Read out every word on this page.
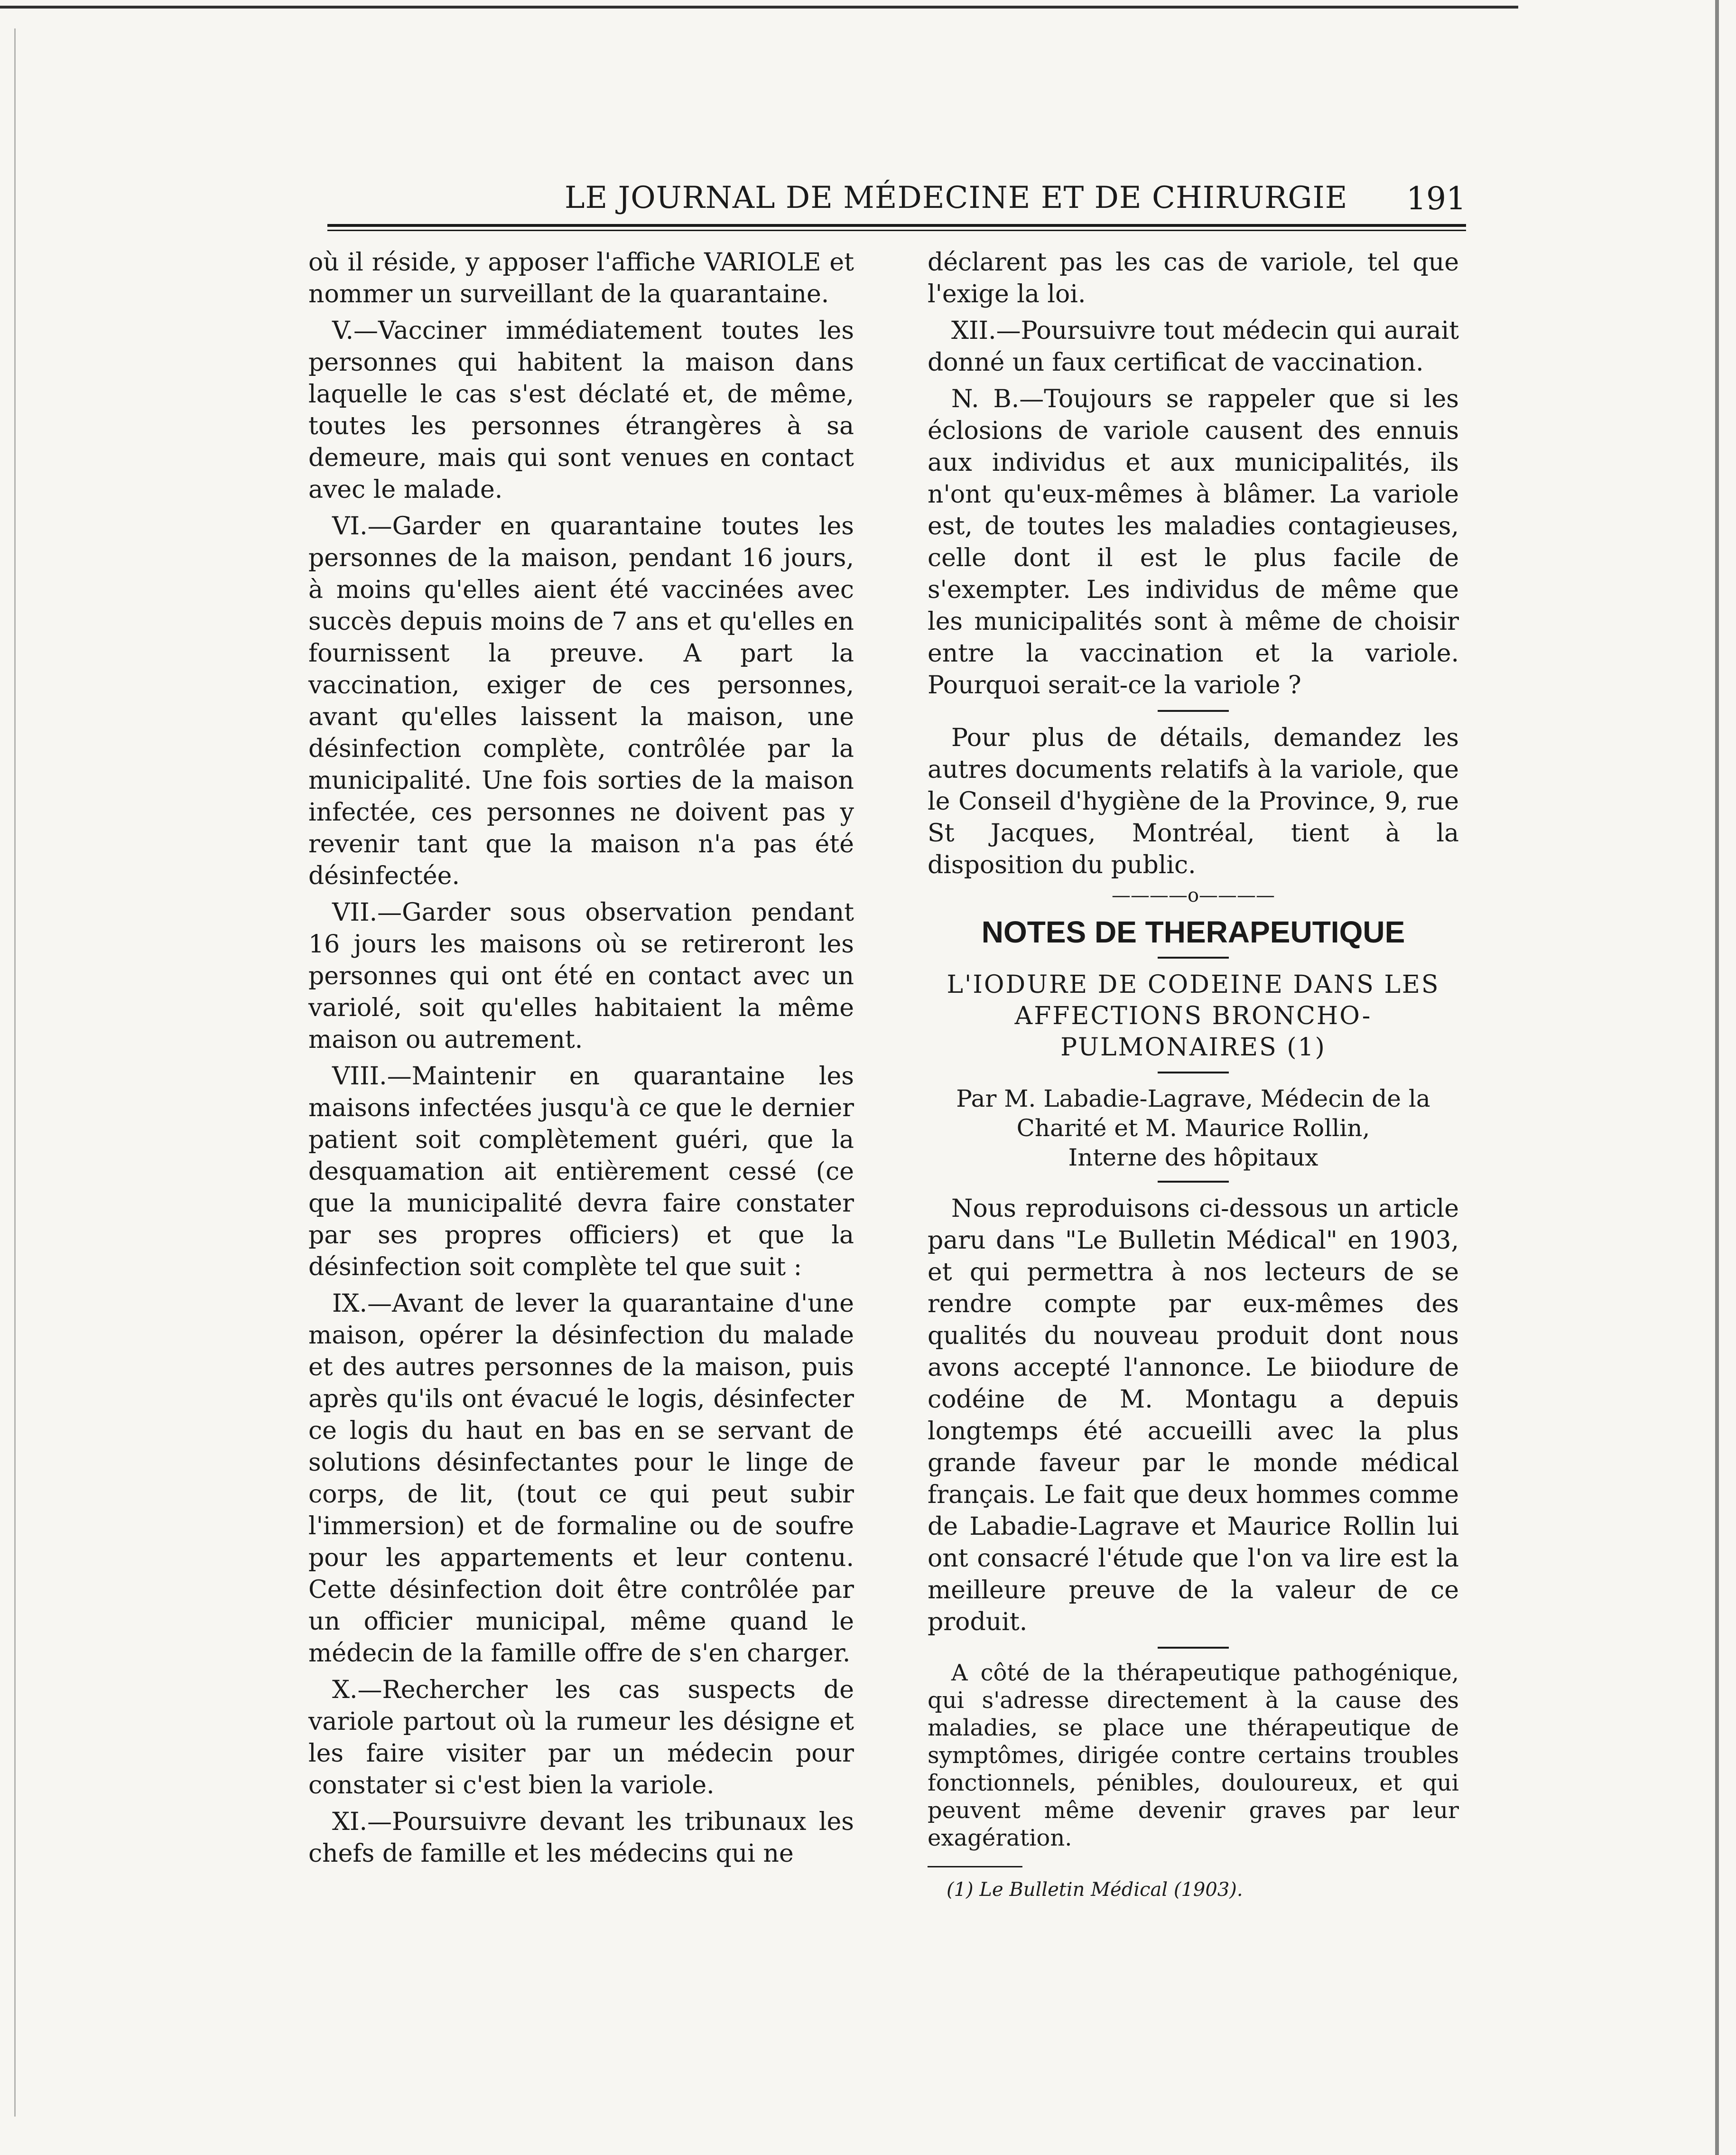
LE JOURNAL DE MÉDECINE ET DE CHIRURGIE 191

où il réside, y apposer l'affiche VARIOLE et nommer un surveillant de la quarantaine.

V.—Vacciner immédiatement toutes les personnes qui habitent la maison dans laquelle le cas s'est déclaté et, de même, toutes les personnes étrangères à sa demeure, mais qui sont venues en contact avec le malade.

VI.—Garder en quarantaine toutes les personnes de la maison, pendant 16 jours, à moins qu'elles aient été vaccinées avec succès depuis moins de 7 ans et qu'elles en fournissent la preuve. A part la vaccination, exiger de ces personnes, avant qu'elles laissent la maison, une désinfection complète, contrôlée par la municipalité. Une fois sorties de la maison infectée, ces personnes ne doivent pas y revenir tant que la maison n'a pas été désinfectée.

VII.—Garder sous observation pendant 16 jours les maisons où se retireront les personnes qui ont été en contact avec un variolé, soit qu'elles habitaient la même maison ou autrement.

VIII.—Maintenir en quarantaine les maisons infectées jusqu'à ce que le dernier patient soit complètement guéri, que la desquamation ait entièrement cessé (ce que la municipalité devra faire constater par ses propres officiers) et que la désinfection soit complète tel que suit :

IX.—Avant de lever la quarantaine d'une maison, opérer la désinfection du malade et des autres personnes de la maison, puis après qu'ils ont évacué le logis, désinfecter ce logis du haut en bas en se servant de solutions désinfectantes pour le linge de corps, de lit, (tout ce qui peut subir l'immersion) et de formaline ou de soufre pour les appartements et leur contenu. Cette désinfection doit être contrôlée par un officier municipal, même quand le médecin de la famille offre de s'en charger.

X.—Rechercher les cas suspects de variole partout où la rumeur les désigne et les faire visiter par un médecin pour constater si c'est bien la variole.

XI.—Poursuivre devant les tribunaux les chefs de famille et les médecins qui ne

déclarent pas les cas de variole, tel que l'exige la loi.

XII.—Poursuivre tout médecin qui aurait donné un faux certificat de vaccination.

N. B.—Toujours se rappeler que si les éclosions de variole causent des ennuis aux individus et aux municipalités, ils n'ont qu'eux-mêmes à blâmer. La variole est, de toutes les maladies contagieuses, celle dont il est le plus facile de s'exempter. Les individus de même que les municipalités sont à même de choisir entre la vaccination et la variole. Pourquoi serait-ce la variole ?

Pour plus de détails, demandez les autres documents relatifs à la variole, que le Conseil d'hygiène de la Province, 9, rue St Jacques, Montréal, tient à la disposition du public.

————o————
NOTES DE THERAPEUTIQUE
L'IODURE DE CODEINE DANS LES
AFFECTIONS BRONCHO-
PULMONAIRES (1)
Par M. Labadie-Lagrave, Médecin de la
Charité et M. Maurice Rollin,
Interne des hôpitaux

Nous reproduisons ci-dessous un article paru dans "Le Bulletin Médical" en 1903, et qui permettra à nos lecteurs de se rendre compte par eux-mêmes des qualités du nouveau produit dont nous avons accepté l'annonce. Le biiodure de codéine de M. Montagu a depuis longtemps été accueilli avec la plus grande faveur par le monde médical français. Le fait que deux hommes comme de Labadie-Lagrave et Maurice Rollin lui ont consacré l'étude que l'on va lire est la meilleure preuve de la valeur de ce produit.

A côté de la thérapeutique pathogénique, qui s'adresse directement à la cause des maladies, se place une thérapeutique de symptômes, dirigée contre certains troubles fonctionnels, pénibles, douloureux, et qui peuvent même devenir graves par leur exagération.

(1) Le Bulletin Médical (1903).
